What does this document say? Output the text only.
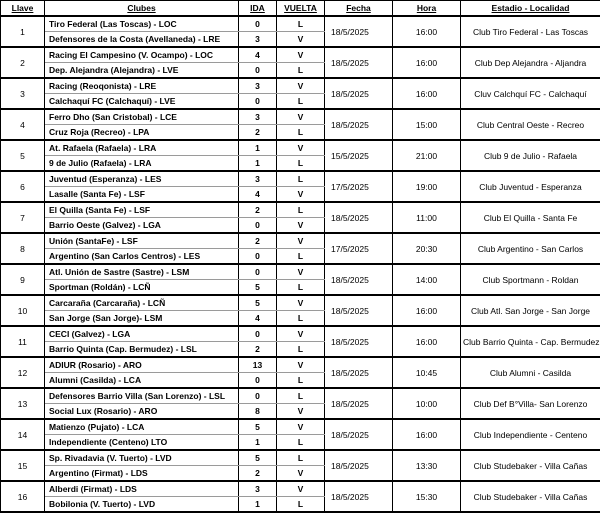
Llave	Clubes	IDA	VUELTA	Fecha	Hora	Estadio - Localidad
1	Tiro Federal (Las Toscas) - LOC	0	L	18/5/2025	16:00	Club Tiro Federal - Las Toscas
	Defensores de la Costa (Avellaneda) - LRE	3	V			
2	Racing El Campesino (V. Ocampo) - LOC	4	V	18/5/2025	16:00	Club Dep Alejandra - Aljandra
	Dep. Alejandra (Alejandra) - LVE	0	L			
3	Racing (Reoqonista) - LRE	3	V	18/5/2025	16:00	Cluv Calchquí FC - Calchaquí
	Calchaquí FC (Calchaquí) - LVE	0	L			
4	Ferro Dho (San Cristobal) - LCE	3	V	18/5/2025	15:00	Club Central Oeste - Recreo
	Cruz Roja (Recreo) - LPA	2	L			
5	At. Rafaela (Rafaela) - LRA	1	V	15/5/2025	21:00	Club 9 de Julio - Rafaela
	9 de Julio (Rafaela) - LRA	1	L			
6	Juventud (Esperanza) - LES	3	L	17/5/2025	19:00	Club Juventud - Esperanza
	Lasalle (Santa Fe) - LSF	4	V			
7	El Quilla (Santa Fe) - LSF	2	L	18/5/2025	11:00	Club El Quilla - Santa Fe
	Barrio Oeste (Galvez) - LGA	0	V			
8	Unión (SantaFe) - LSF	2	V	17/5/2025	20:30	Club Argentino - San Carlos
	Argentino (San Carlos Centros) - LES	0	L			
9	Atl. Unión de Sastre (Sastre) - LSM	0	V	18/5/2025	14:00	Club Sportmann - Roldan
	Sportman (Roldán) - LCÑ	5	L			
10	Carcaraña (Carcaraña) - LCÑ	5	V	18/5/2025	16:00	Club Atl. San Jorge - San Jorge
	San Jorge (San Jorge)- LSM	4	L			
11	CECI (Galvez) - LGA	0	V	18/5/2025	16:00	Club Barrio Quinta - Cap. Bermudez
	Barrio Quinta (Cap. Bermudez) - LSL	2	L			
12	ADIUR (Rosario) - ARO	13	V	18/5/2025	10:45	Club Alumni - Casilda
	Alumni (Casilda) - LCA	0	L			
13	Defensores Barrio Villa (San Lorenzo) - LSL	0	L	18/5/2025	10:00	Club Def B°Villa- San Lorenzo
	Social Lux (Rosario) - ARO	8	V			
14	Matienzo (Pujato) - LCA	5	V	18/5/2025	16:00	Club Independiente - Centeno
	Independiente (Centeno) LTO	1	L			
15	Sp. Rivadavia (V. Tuerto) - LVD	5	L	18/5/2025	13:30	Club Studebaker - Villa Cañas
	Argentino (Firmat) - LDS	2	V			
16	Alberdi (Firmat) - LDS	3	V	18/5/2025	15:30	Club Studebaker - Villa Cañas
	Bobilonia (V. Tuerto) - LVD	1	L			
